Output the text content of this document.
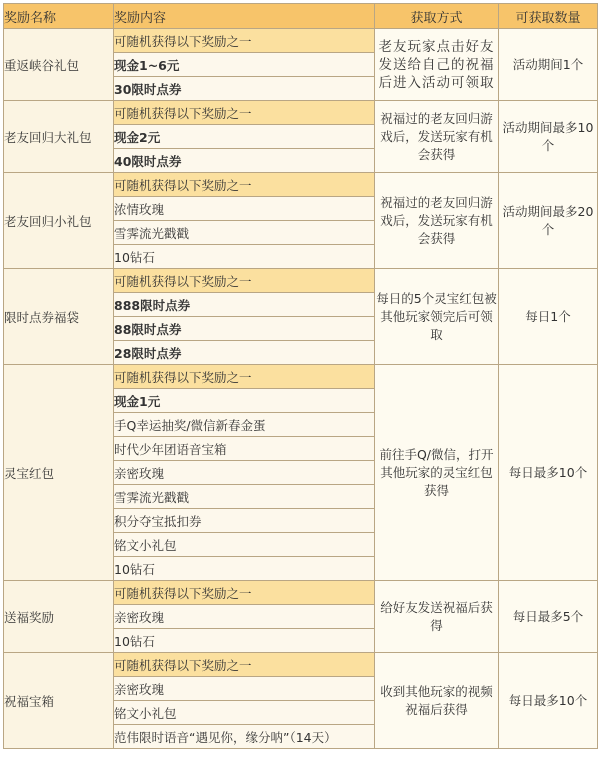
奖励名称	奖励内容	获取方式	可获取数量
重返峡谷礼包	可随机获得以下奖励之一	老友玩家点击好友发送给自己的祝福后进入活动可领取	活动期间1个
	现金1~6元		
	30限时点券		
老友回归大礼包	可随机获得以下奖励之一	祝福过的老友回归游戏后，发送玩家有机会获得	活动期间最多10个
	现金2元		
	40限时点券		
老友回归小礼包	可随机获得以下奖励之一	祝福过的老友回归游戏后，发送玩家有机会获得	活动期间最多20个
	浓情玫瑰		
	雪霁流光戳戳		
	10钻石		
限时点券福袋	可随机获得以下奖励之一	每日的5个灵宝红包被其他玩家领完后可领取	每日1个
	888限时点券		
	88限时点券		
	28限时点券		
灵宝红包	可随机获得以下奖励之一	前往手Q/微信，打开其他玩家的灵宝红包获得	每日最多10个
	现金1元		
	手Q幸运抽奖/微信新春金蛋		
	时代少年团语音宝箱		
	亲密玫瑰		
	雪霁流光戳戳		
	积分夺宝抵扣券		
	铭文小礼包		
	10钻石		
送福奖励	可随机获得以下奖励之一	给好友发送祝福后获得	每日最多5个
	亲密玫瑰		
	10钻石		
祝福宝箱	可随机获得以下奖励之一	收到其他玩家的视频祝福后获得	每日最多10个
	亲密玫瑰		
	铭文小礼包		
	范伟限时语音“遇见你，缘分呐”（14天）		
